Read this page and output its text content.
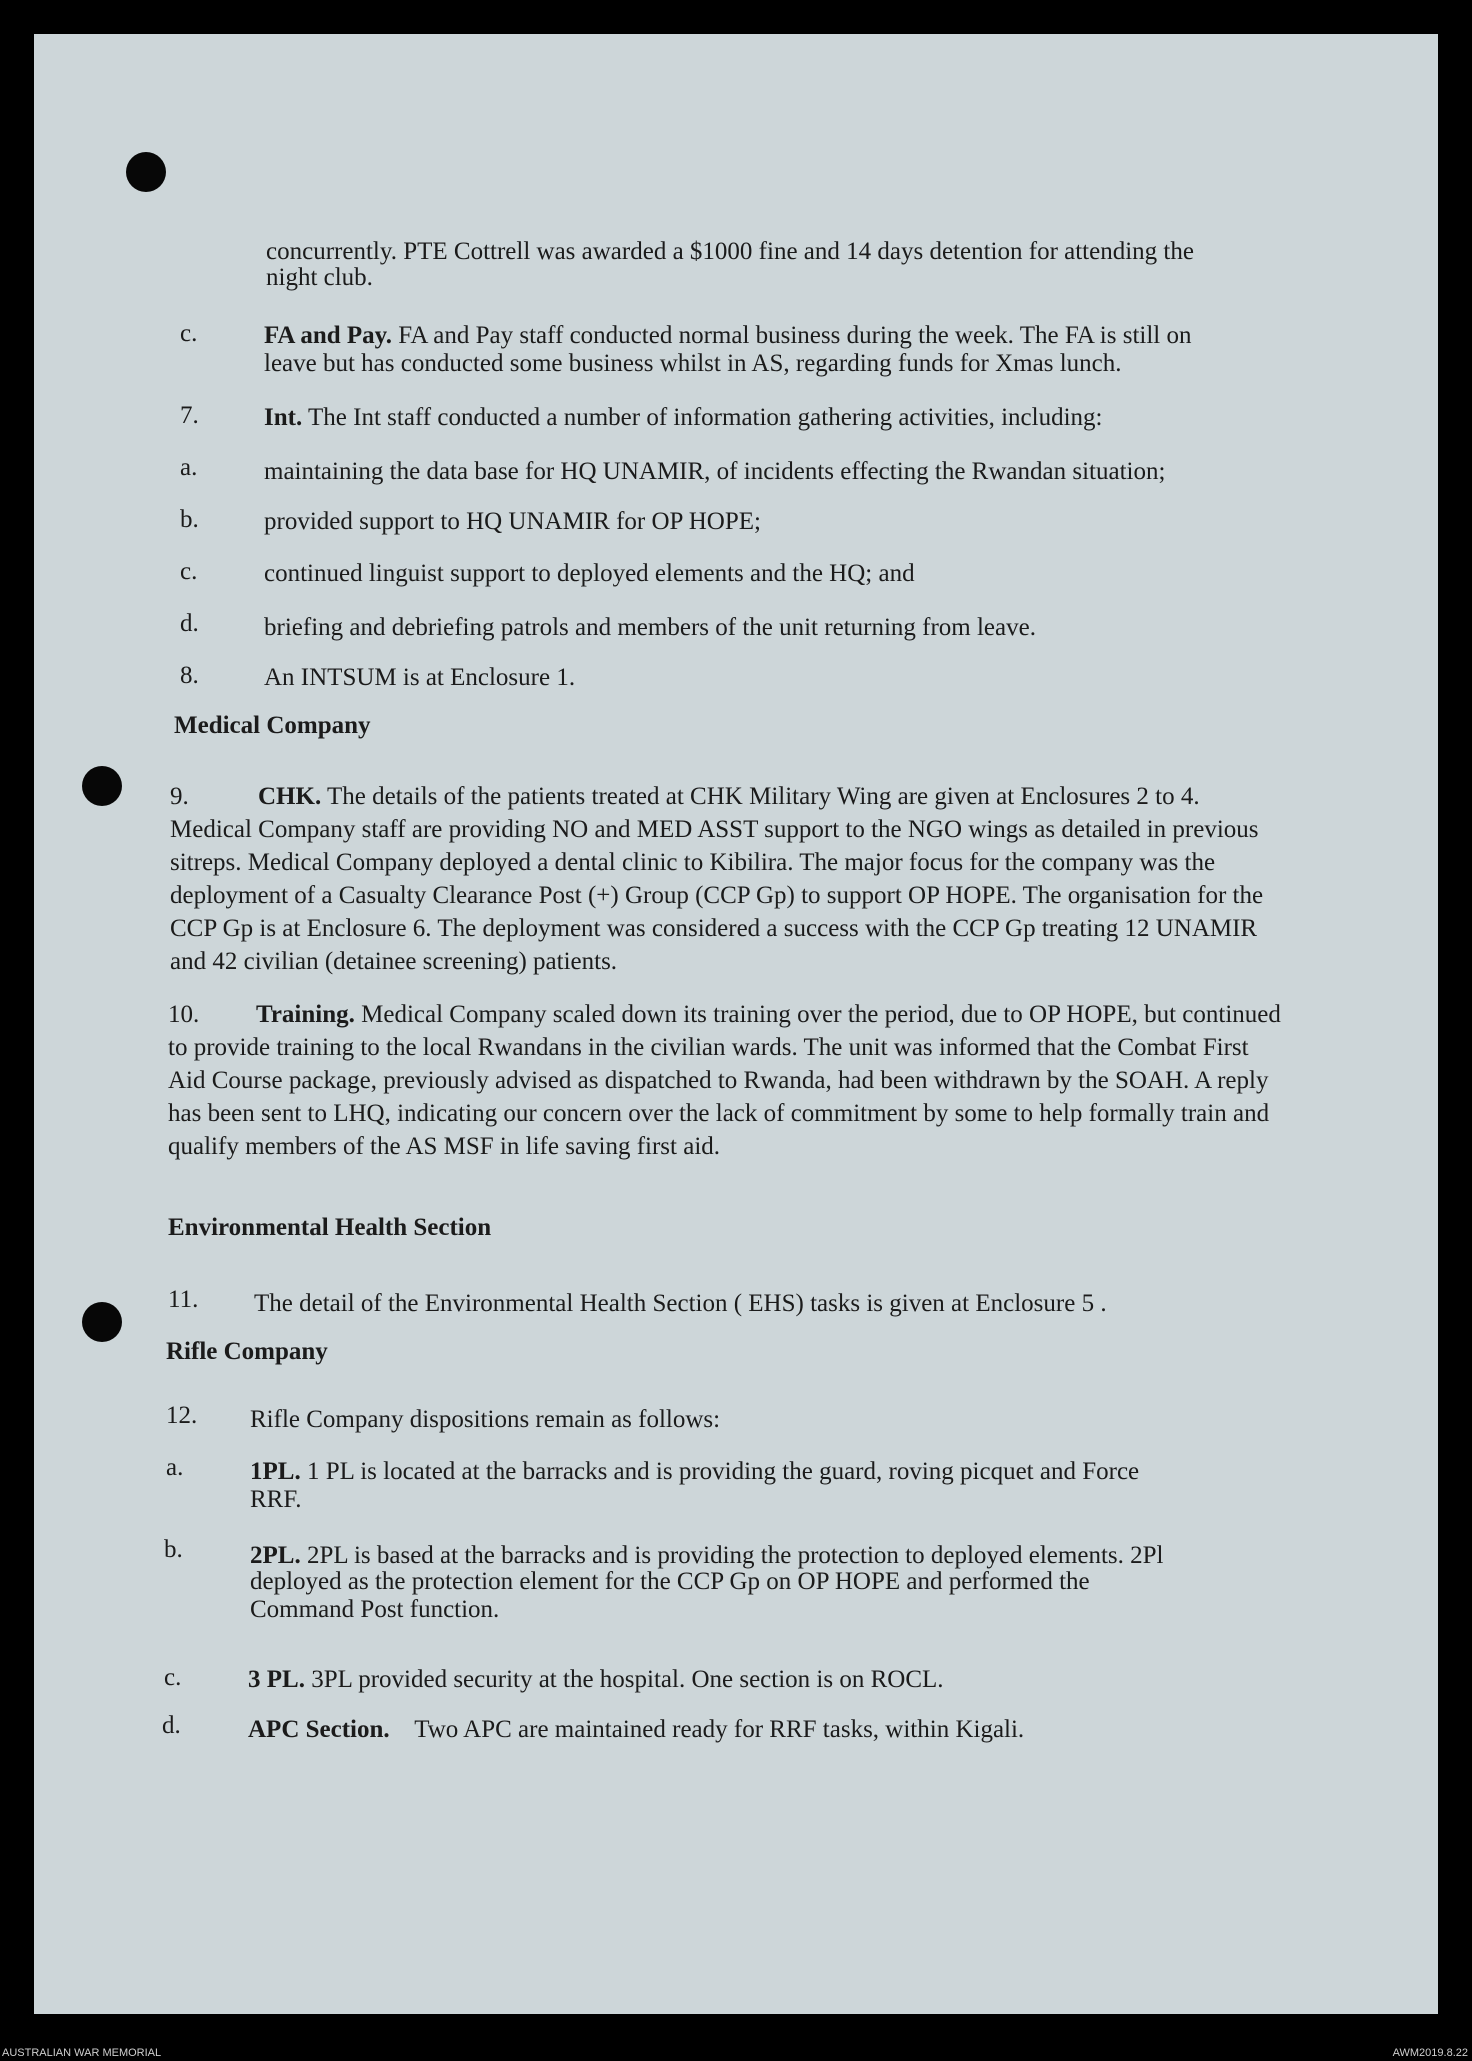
concurrently. PTE Cottrell was awarded a $1000 fine and 14 days detention for attending the
night club.
c.	FA and Pay. FA and Pay staff conducted normal business during the week. The FA is still on
leave but has conducted some business whilst in AS, regarding funds for Xmas lunch.
7.	Int. The Int staff conducted a number of information gathering activities, including:
a.	maintaining the data base for HQ UNAMIR, of incidents effecting the Rwandan situation;
b.	provided support to HQ UNAMIR for OP HOPE;
c.	continued linguist support to deployed elements and the HQ; and
d.	briefing and debriefing patrols and members of the unit returning from leave.
8.	An INTSUM is at Enclosure 1.
Medical Company
9.	CHK. The details of the patients treated at CHK Military Wing are given at Enclosures 2 to 4. Medical Company staff are providing NO and MED ASST support to the NGO wings as detailed in previous sitreps. Medical Company deployed a dental clinic to Kibilira. The major focus for the company was the deployment of a Casualty Clearance Post (+) Group (CCP Gp) to support OP HOPE. The organisation for the CCP Gp is at Enclosure 6. The deployment was considered a success with the CCP Gp treating 12 UNAMIR and 42 civilian (detainee screening) patients.
10. Training. Medical Company scaled down its training over the period, due to OP HOPE, but continued to provide training to the local Rwandans in the civilian wards. The unit was informed that the Combat First Aid Course package, previously advised as dispatched to Rwanda, had been withdrawn by the SOAH. A reply has been sent to LHQ, indicating our concern over the lack of commitment by some to help formally train and qualify members of the AS MSF in life saving first aid.
Environmental Health Section
11. The detail of the Environmental Health Section ( EHS) tasks is given at Enclosure 5 .
Rifle Company
12. Rifle Company dispositions remain as follows:
a.	1PL. 1 PL is located at the barracks and is providing the guard, roving picquet and Force
RRF.
b.	2PL. 2PL is based at the barracks and is providing the protection to deployed elements. 2Pl
deployed as the protection element for the CCP Gp on OP HOPE and performed the
Command Post function.
c.	3 PL. 3PL provided security at the hospital. One section is on ROCL.
d.	APC Section.    Two APC are maintained ready for RRF tasks, within Kigali.
AUSTRALIAN WAR MEMORIAL	AWM2019.8.22
